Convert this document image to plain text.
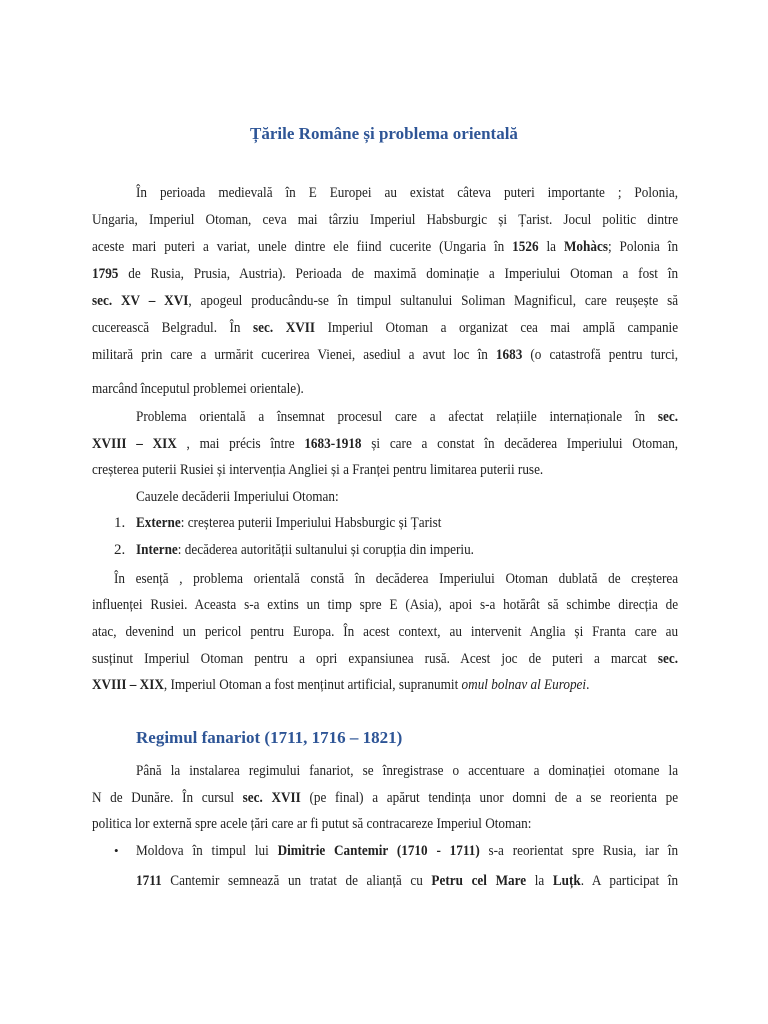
Țările Române și problema orientală
În perioada medievală în E Europei au existat câteva puteri importante ; Polonia,
Ungaria, Imperiul Otoman, ceva mai târziu Imperiul Habsburgic și Țarist. Jocul politic dintre
aceste mari puteri a variat, unele dintre ele fiind cucerite (Ungaria în 1526 la Mohàcs; Polonia în
1795 de Rusia, Prusia, Austria). Perioada de maximă dominație a Imperiului Otoman a fost în
sec. XV – XVI, apogeul producându-se în timpul sultanului Soliman Magnificul, care reușește să
cucerească Belgradul. În sec. XVII Imperiul Otoman a organizat cea mai amplă campanie
militară prin care a urmărit cucerirea Vienei, asediul a avut loc în 1683 (o catastrofă pentru turci,
marcând începutul problemei orientale).
Problema orientală a însemnat procesul care a afectat relațiile internaționale în sec.
XVIII – XIX , mai précis între 1683-1918 și care a constat în decăderea Imperiului Otoman,
creșterea puterii Rusiei și intervenția Angliei și a Franței pentru limitarea puterii ruse.
Cauzele decăderii Imperiului Otoman:
1. Externe: creșterea puterii Imperiului Habsburgic și Țarist
2. Interne: decăderea autorității sultanului și corupția din imperiu.
În esență , problema orientală constă în decăderea Imperiului Otoman dublată de creșterea
influenței Rusiei. Aceasta s-a extins un timp spre E (Asia), apoi s-a hotărât să schimbe direcția de
atac, devenind un pericol pentru Europa. În acest context, au intervenit Anglia și Franta care au
susținut Imperiul Otoman pentru a opri expansiunea rusă. Acest joc de puteri a marcat sec.
XVIII – XIX, Imperiul Otoman a fost menținut artificial, supranumit omul bolnav al Europei.
Regimul fanariot (1711, 1716 – 1821)
Până la instalarea regimului fanariot, se înregistrase o accentuare a dominației otomane la
N de Dunăre. În cursul sec. XVII (pe final) a apărut tendința unor domni de a se reorienta pe
politica lor externă spre acele țări care ar fi putut să contracareze Imperiul Otoman:
• Moldova în timpul lui Dimitrie Cantemir (1710 - 1711) s-a reorientat spre Rusia, iar în
1711 Cantemir semnează un tratat de alianță cu Petru cel Mare la Luțk. A participat în
